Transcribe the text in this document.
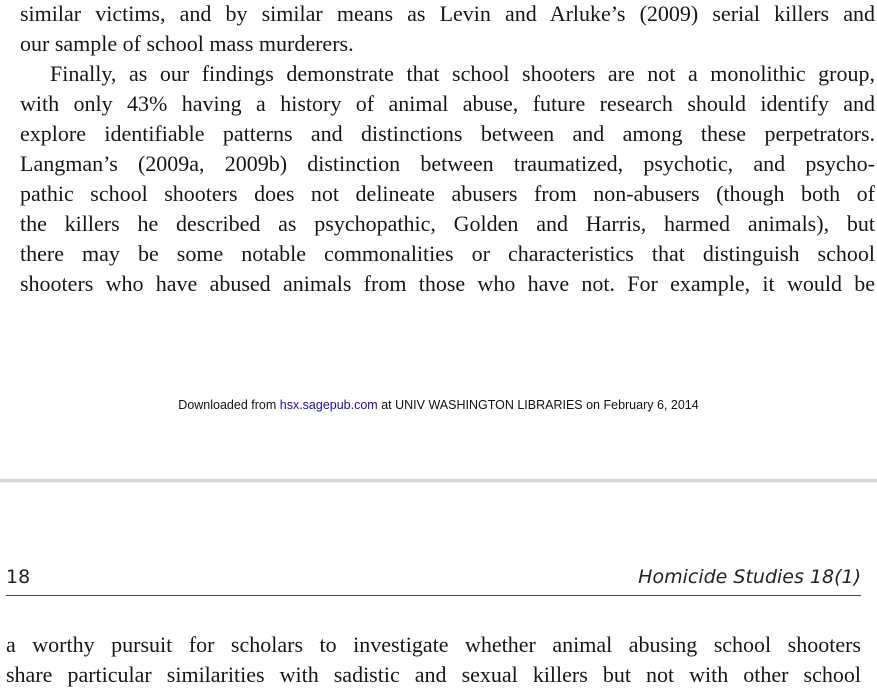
similar victims, and by similar means as Levin and Arluke’s (2009) serial killers and
our sample of school mass murderers.
Finally, as our findings demonstrate that school shooters are not a monolithic group,
with only 43% having a history of animal abuse, future research should identify and
explore identifiable patterns and distinctions between and among these perpetrators.
Langman’s (2009a, 2009b) distinction between traumatized, psychotic, and psycho-
pathic school shooters does not delineate abusers from non-abusers (though both of
the killers he described as psychopathic, Golden and Harris, harmed animals), but
there may be some notable commonalities or characteristics that distinguish school
shooters who have abused animals from those who have not. For example, it would be
Downloaded from hsx.sagepub.com at UNIV WASHINGTON LIBRARIES on February 6, 2014
18	Homicide Studies 18(1)
a worthy pursuit for scholars to investigate whether animal abusing school shooters
share particular similarities with sadistic and sexual killers but not with other school
